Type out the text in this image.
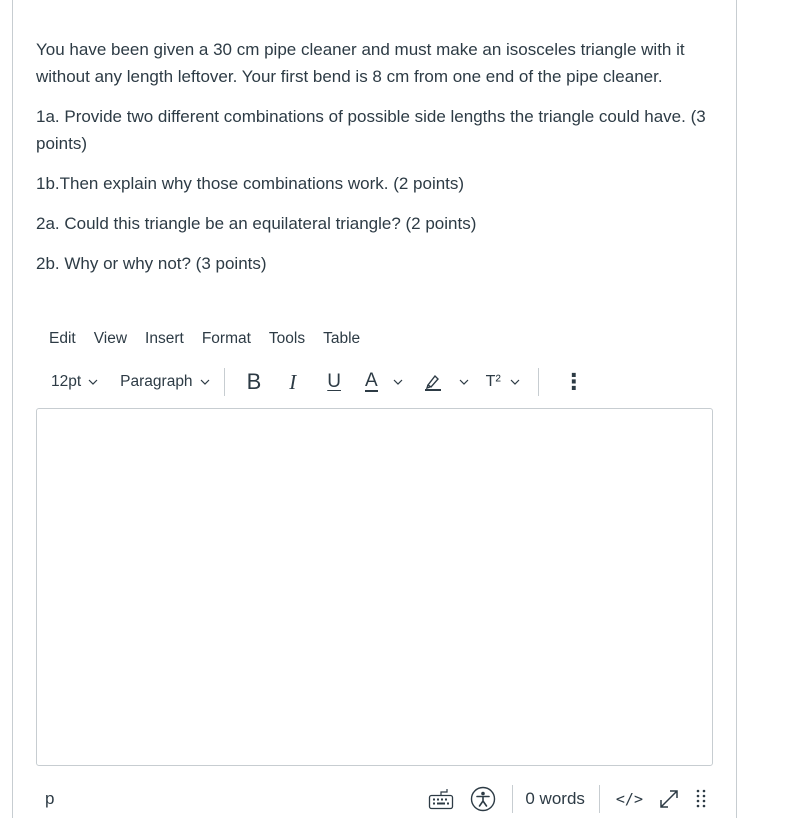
You have been given a 30 cm pipe cleaner and must make an isosceles triangle with it without any length leftover. Your first bend is 8 cm from one end of the pipe cleaner.

1a. Provide two different combinations of possible side lengths the triangle could have. (3 points)

1b.Then explain why those combinations work. (2 points)

2a. Could this triangle be an equilateral triangle? (2 points)

2b. Why or why not? (3 points)

Edit	View	Insert	Format	Tools	Table
12pt	Paragraph B I U A	T²	⋮
p	0 words </>
